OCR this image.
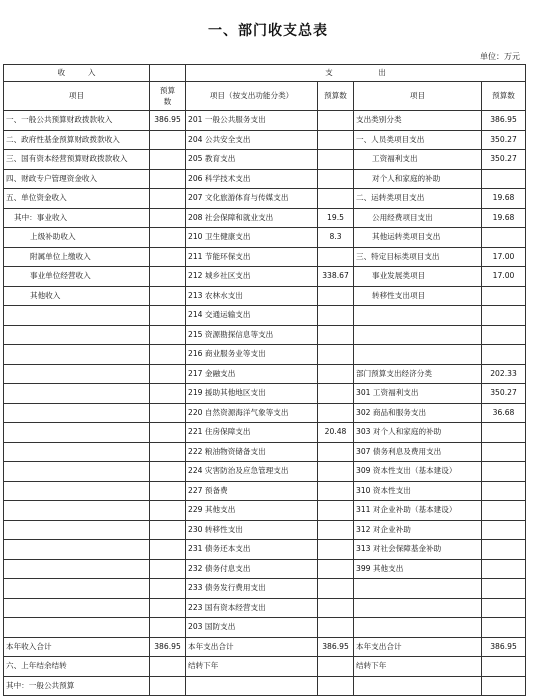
一、部门收支总表
单位：万元
收　　　入		支　　　　　　出			
项目	预算
数	项目（按支出功能分类）	预算数	项目	预算数
一、一般公共预算财政拨款收入	386.95	201 一般公共服务支出		支出类别分类	386.95
二、政府性基金预算财政拨款收入		204 公共安全支出		一、人员类项目支出	350.27
三、国有资本经营预算财政拨款收入		205 教育支出		工资福利支出	350.27
四、财政专户管理资金收入		206 科学技术支出		对个人和家庭的补助	
五、单位资金收入		207 文化旅游体育与传媒支出		二、运转类项目支出	19.68
其中：事业收入		208 社会保障和就业支出	19.5	公用经费项目支出	19.68
上级补助收入		210 卫生健康支出	8.3	其他运转类项目支出	
附属单位上缴收入		211 节能环保支出		三、特定目标类项目支出	17.00
事业单位经营收入		212 城乡社区支出	338.67	事业发展类项目	17.00
其他收入		213 农林水支出		转移性支出项目	
		214 交通运输支出			
		215 资源勘探信息等支出			
		216 商业服务业等支出			
		217 金融支出		部门预算支出经济分类	202.33
		219 援助其他地区支出		301 工资福利支出	350.27
		220 自然资源海洋气象等支出		302 商品和服务支出	36.68
		221 住房保障支出	20.48	303 对个人和家庭的补助	
		222 粮油物资储备支出		307 债务利息及费用支出	
		224 灾害防治及应急管理支出		309 资本性支出（基本建设）	
		227 预备费		310 资本性支出	
		229 其他支出		311 对企业补助（基本建设）	
		230 转移性支出		312 对企业补助	
		231 债务还本支出		313 对社会保障基金补助	
		232 债务付息支出		399 其他支出	
		233 债务发行费用支出			
		223 国有资本经营支出			
		203 国防支出			
本年收入合计	386.95	本年支出合计	386.95	本年支出合计	386.95
六、上年结余结转		结转下年		结转下年	
其中：一般公共预算					
